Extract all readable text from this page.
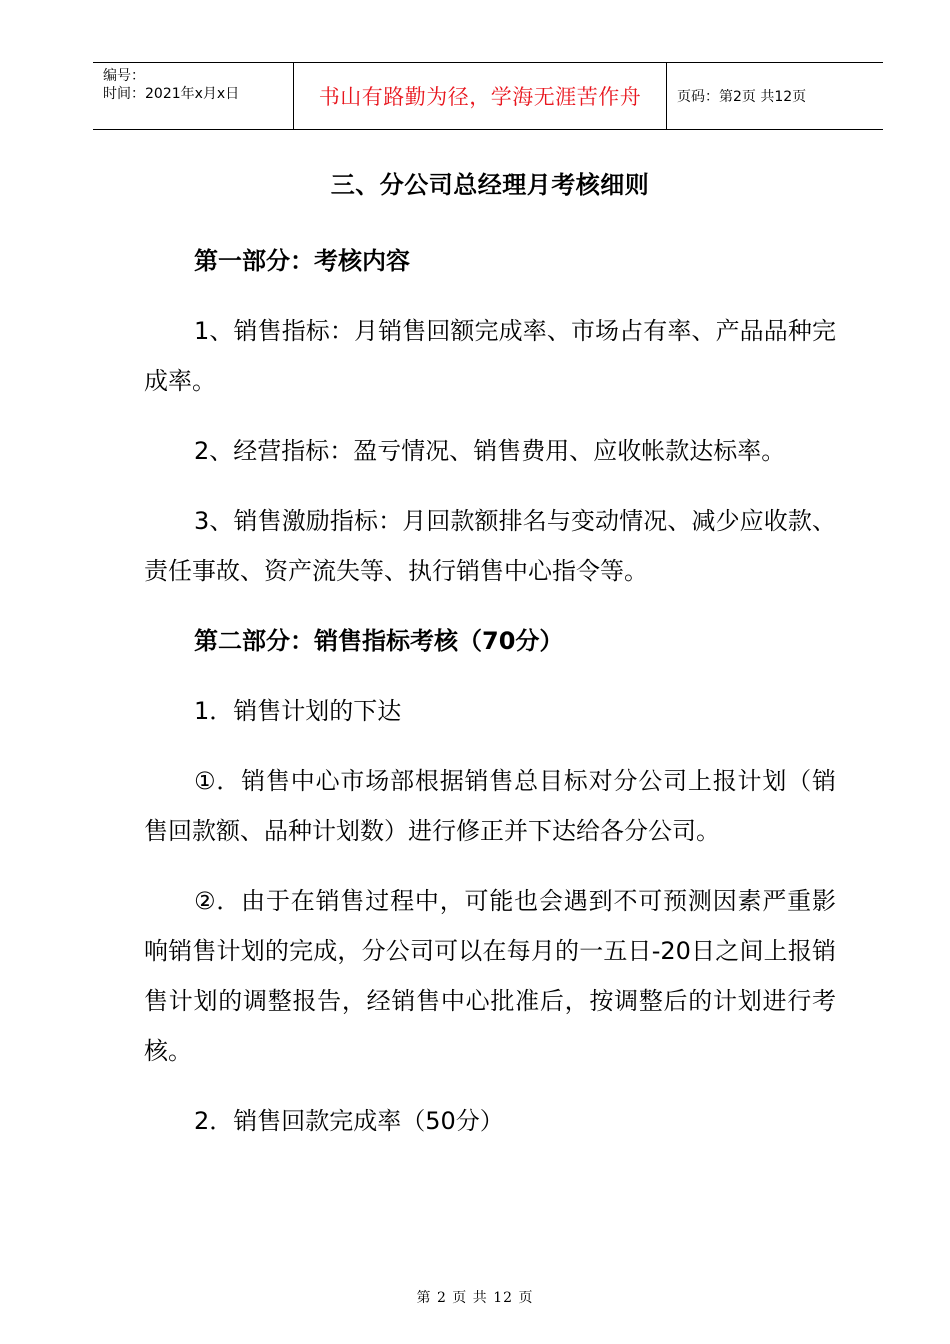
编号：
时间：2021年x月x日	书山有路勤为径，学海无涯苦作舟	页码：第2页 共12页
三、分公司总经理月考核细则
第一部分：考核内容
1、销售指标：月销售回额完成率、市场占有率、产品品种完成率。
2、经营指标：盈亏情况、销售费用、应收帐款达标率。
3、销售激励指标：月回款额排名与变动情况、减少应收款、责任事故、资产流失等、执行销售中心指令等。
第二部分：销售指标考核（70分）
1．销售计划的下达
①．销售中心市场部根据销售总目标对分公司上报计划（销售回款额、品种计划数）进行修正并下达给各分公司。
②．由于在销售过程中，可能也会遇到不可预测因素严重影响销售计划的完成，分公司可以在每月的一五日-20日之间上报销售计划的调整报告，经销售中心批准后，按调整后的计划进行考核。
2．销售回款完成率（50分）
第 2 页 共 12 页
